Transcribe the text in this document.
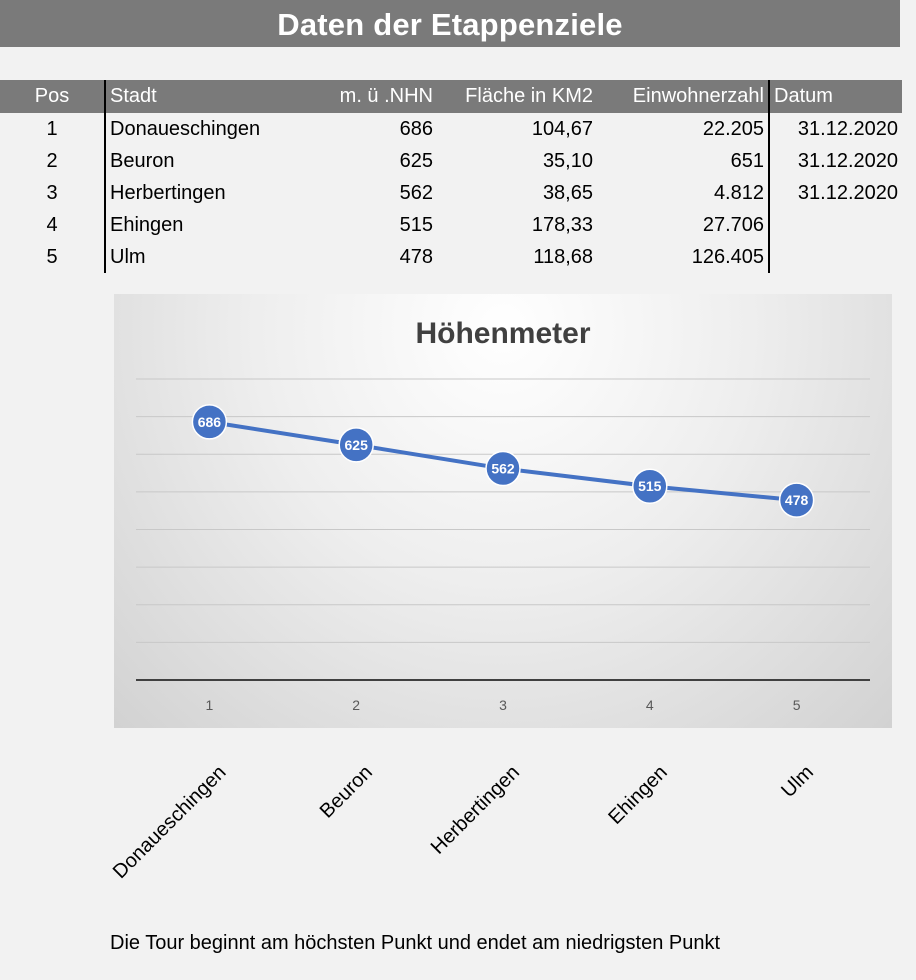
Daten der Etappenziele
Pos	Stadt	m. ü .NHN	Fläche in KM2	Einwohnerzahl	Datum
1	Donaueschingen	686	104,67	22.205	31.12.2020
2	Beuron	625	35,10	651	31.12.2020
3	Herbertingen	562	38,65	4.812	31.12.2020
4	Ehingen	515	178,33	27.706	
5	Ulm	478	118,68	126.405	
Höhenmeter
1	2	3	4	5
686
625
562
515
478
Donaueschingen	Beuron Herbertingen	Ehingen	Ulm
Die Tour beginnt am höchsten Punkt und endet am niedrigsten Punkt
